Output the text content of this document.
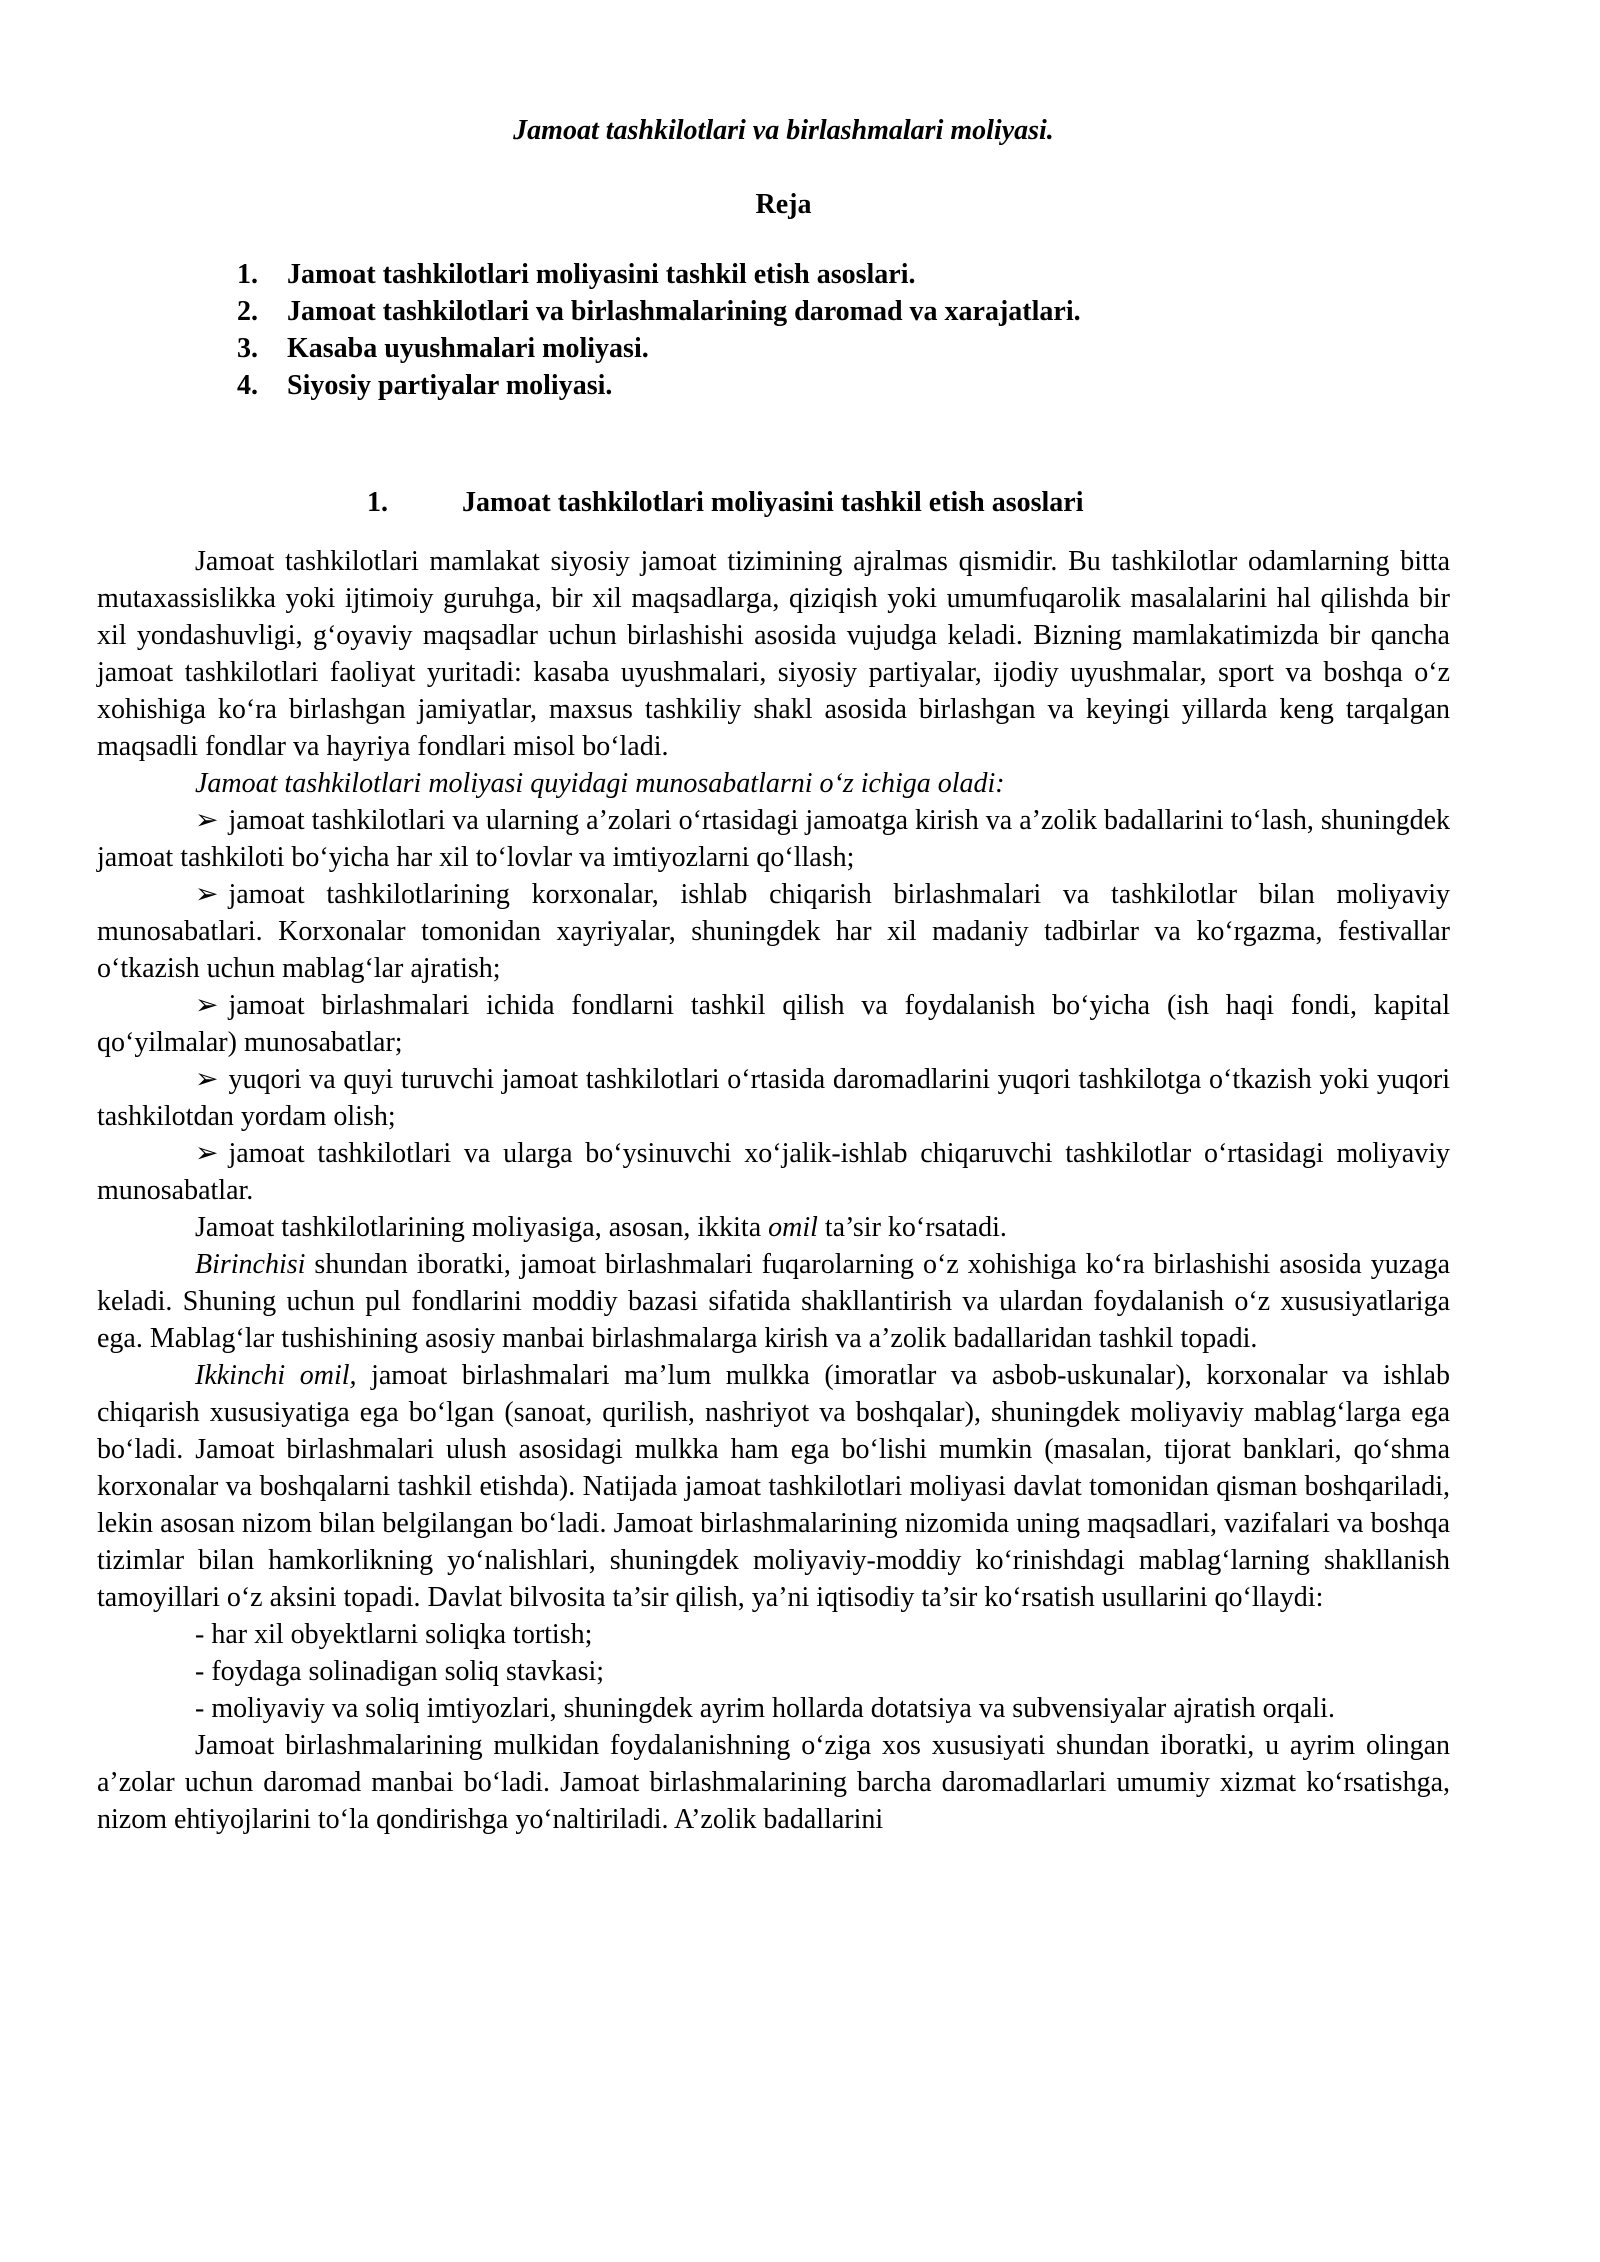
Jamoat tashkilotlari va birlashmalari moliyasi.

Reja

1.	Jamoat tashkilotlari moliyasini tashkil etish asoslari.
2.	Jamoat tashkilotlari va birlashmalarining daromad va xarajatlari.
3.	Kasaba uyushmalari moliyasi.
4.	Siyosiy partiyalar moliyasi.
1.	Jamoat tashkilotlari moliyasini tashkil etish asoslari

Jamoat tashkilotlari mamlakat siyosiy jamoat tizimining ajralmas qismidir. Bu tashkilotlar odamlarning bitta mutaxassislikka yoki ijtimoiy guruhga, bir xil maqsadlarga, qiziqish yoki umumfuqarolik masalalarini hal qilishda bir xil yondashuvligi, g‘oyaviy maqsadlar uchun birlashishi asosida vujudga keladi. Bizning mamlakatimizda bir qancha jamoat tashkilotlari faoliyat yuritadi: kasaba uyushmalari, siyosiy partiyalar, ijodiy uyushmalar, sport va boshqa o‘z xohishiga ko‘ra birlashgan jamiyatlar, maxsus tashkiliy shakl asosida birlashgan va keyingi yillarda keng tarqalgan maqsadli fondlar va hayriya fondlari misol bo‘ladi.

Jamoat tashkilotlari moliyasi quyidagi munosabatlarni o‘z ichiga oladi:

➢ jamoat tashkilotlari va ularning a’zolari o‘rtasidagi jamoatga kirish va a’zolik badallarini to‘lash, shuningdek jamoat tashkiloti bo‘yicha har xil to‘lovlar va imtiyozlarni qo‘llash;

➢ jamoat tashkilotlarining korxonalar, ishlab chiqarish birlashmalari va tashkilotlar bilan moliyaviy munosabatlari. Korxonalar tomonidan xayriyalar, shuningdek har xil madaniy tadbirlar va ko‘rgazma, festivallar o‘tkazish uchun mablag‘lar ajratish;

➢ jamoat birlashmalari ichida fondlarni tashkil qilish va foydalanish bo‘yicha (ish haqi fondi, kapital qo‘yilmalar) munosabatlar;

➢ yuqori va quyi turuvchi jamoat tashkilotlari o‘rtasida daromadlarini yuqori tashkilotga o‘tkazish yoki yuqori tashkilotdan yordam olish;

➢ jamoat tashkilotlari va ularga bo‘ysinuvchi xo‘jalik-ishlab chiqaruvchi tashkilotlar o‘rtasidagi moliyaviy munosabatlar.

Jamoat tashkilotlarining moliyasiga, asosan, ikkita omil ta’sir ko‘rsatadi.

Birinchisi shundan iboratki, jamoat birlashmalari fuqarolarning o‘z xohishiga ko‘ra birlashishi asosida yuzaga keladi. Shuning uchun pul fondlarini moddiy bazasi sifatida shakllantirish va ulardan foydalanish o‘z xususiyatlariga ega. Mablag‘lar tushishining asosiy manbai birlashmalarga kirish va a’zolik badallaridan tashkil topadi.

Ikkinchi omil, jamoat birlashmalari ma’lum mulkka (imoratlar va asbob-uskunalar), korxonalar va ishlab chiqarish xususiyatiga ega bo‘lgan (sanoat, qurilish, nashriyot va boshqalar), shuningdek moliyaviy mablag‘larga ega bo‘ladi. Jamoat birlashmalari ulush asosidagi mulkka ham ega bo‘lishi mumkin (masalan, tijorat banklari, qo‘shma korxonalar va boshqalarni tashkil etishda). Natijada jamoat tashkilotlari moliyasi davlat tomonidan qisman boshqariladi, lekin asosan nizom bilan belgilangan bo‘ladi. Jamoat birlashmalarining nizomida uning maqsadlari, vazifalari va boshqa tizimlar bilan hamkorlikning yo‘nalishlari, shuningdek moliyaviy-moddiy ko‘rinishdagi mablag‘larning shakllanish tamoyillari o‘z aksini topadi. Davlat bilvosita ta’sir qilish, ya’ni iqtisodiy ta’sir ko‘rsatish usullarini qo‘llaydi:

- har xil obyektlarni soliqka tortish;

- foydaga solinadigan soliq stavkasi;

- moliyaviy va soliq imtiyozlari, shuningdek ayrim hollarda dotatsiya va subvensiyalar ajratish orqali.

Jamoat birlashmalarining mulkidan foydalanishning o‘ziga xos xususiyati shundan iboratki, u ayrim olingan a’zolar uchun daromad manbai bo‘ladi. Jamoat birlashmalarining barcha daromadlarlari umumiy xizmat ko‘rsatishga, nizom ehtiyojlarini to‘la qondirishga yo‘naltiriladi. A’zolik badallarini
